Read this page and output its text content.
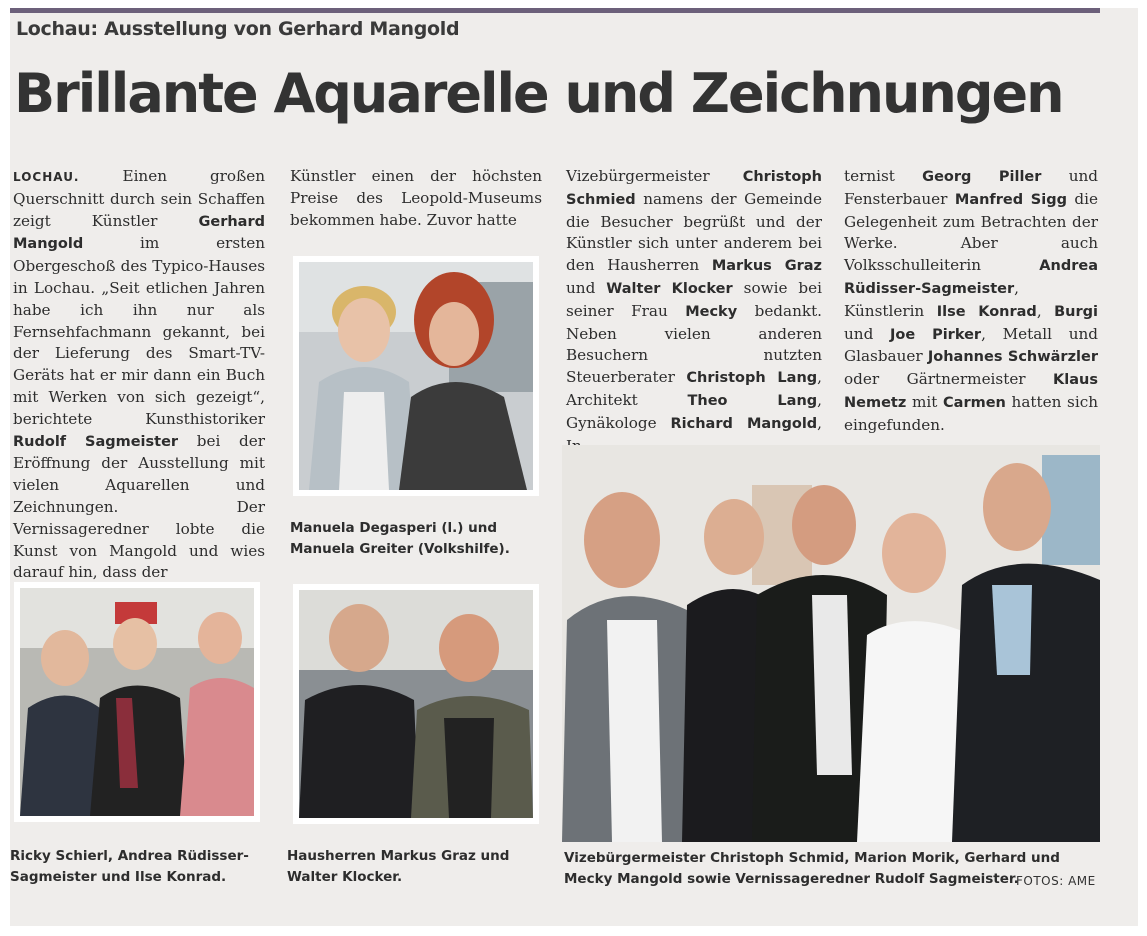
Lochau: Ausstellung von Gerhard Mangold
Brillante Aquarelle und Zeichnungen
LOCHAU. Einen großen Querschnitt durch sein Schaffen zeigt Künstler Gerhard Mangold im ersten Obergeschoß des Typico-Hauses in Lochau. „Seit etlichen Jahren habe ich ihn nur als Fernsehfachmann gekannt, bei der Lieferung des Smart-TV-Geräts hat er mir dann ein Buch mit Werken von sich gezeigt“, berichtete Kunsthistoriker Rudolf Sagmeister bei der Eröffnung der Ausstellung mit vielen Aquarellen und Zeichnungen. Der Vernissageredner lobte die Kunst von Mangold und wies darauf hin, dass der
Künstler einen der höchsten Preise des Leopold-Museums bekommen habe. Zuvor hatte
Vizebürgermeister Christoph Schmied namens der Gemeinde die Besucher begrüßt und der Künstler sich unter anderem bei den Hausherren Markus Graz und Walter Klocker sowie bei seiner Frau Mecky bedankt. Neben vielen anderen Besuchern nutzten Steuerberater Christoph Lang, Architekt Theo Lang, Gynäkologe Richard Mangold,
ternist Georg Piller und Fensterbauer Manfred Sigg die Gelegenheit zum Betrachten der Werke. Aber auch Volksschulleiterin Andrea Rüdisser-Sagmeister, Künstlerin Ilse Konrad, Burgi und Joe Pirker, Metall und Glasbauer Johannes Schwärzler oder Gärtnermeister Klaus Nemetz mit Carmen hatten sich eingefunden.
Manuela Degasperi (l.) und Manuela Greiter (Volkshilfe).
Ricky Schierl, Andrea Rüdisser-Sagmeister und Ilse Konrad.
Hausherren Markus Graz und Walter Klocker.
Vizebürgermeister Christoph Schmid, Marion Morik, Gerhard und Mecky Mangold sowie Vernissageredner Rudolf Sagmeister.
FOTOS: AME
